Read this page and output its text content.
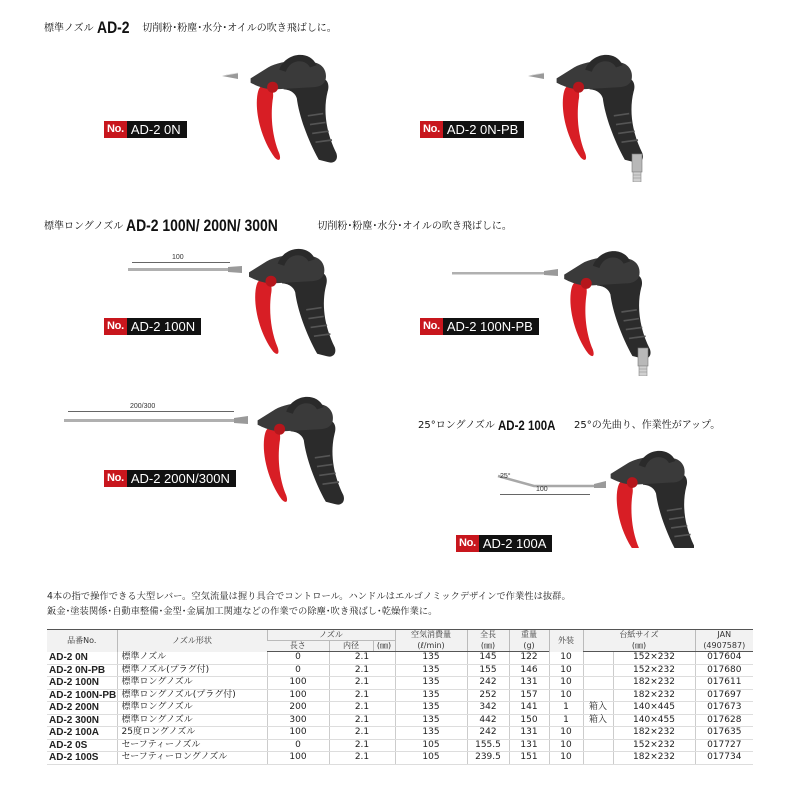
標準ノズル AD-2 切削粉･粉塵･水分･オイルの吹き飛ばしに。
No. AD-2 0N	No. AD-2 0N-PB
標準ロングノズル AD-2 100N/ 200N/ 300N	切削粉･粉塵･水分･オイルの吹き飛ばしに。
100
No. AD-2 100N	No. AD-2 100N-PB
200/300
No. AD-2 200N/300N
25°ロングノズル AD-2 100A 25°の先曲り、作業性がアップ。
25°
100
No. AD-2 100A
4本の指で操作できる大型レバー。空気流量は握り具合でコントロール。ハンドルはエルゴノミックデザインで作業性は抜群。
鈑金･塗装関係･自動車整備･金型･金属加工関連などの作業での除塵･吹き飛ばし･乾燥作業に。
品番No.	ノズル形状	ノズル			空気消費量	全長	重量	外装	台紙サイズ		JAN
		長さ	内径	(㎜)	(ℓ/min)	(㎜)	(g)		(㎜)		(4907587)
AD-2 0N	標準ノズル	0	2.1		135	145	122	10		152×232	017604
AD-2 0N-PB	標準ノズル(プラグ付)	0	2.1		135	155	146	10		152×232	017680
AD-2 100N	標準ロングノズル	100	2.1		135	242	131	10		182×232	017611
AD-2 100N-PB	標準ロングノズル(プラグ付)	100	2.1		135	252	157	10		182×232	017697
AD-2 200N	標準ロングノズル	200	2.1		135	342	141	1	箱入	140×445	017673
AD-2 300N	標準ロングノズル	300	2.1		135	442	150	1	箱入	140×455	017628
AD-2 100A	25度ロングノズル	100	2.1		135	242	131	10		182×232	017635
AD-2 0S	セーフティーノズル	0	2.1		105	155.5	131	10		152×232	017727
AD-2 100S	セーフティーロングノズル	100	2.1		105	239.5	151	10		182×232	017734
